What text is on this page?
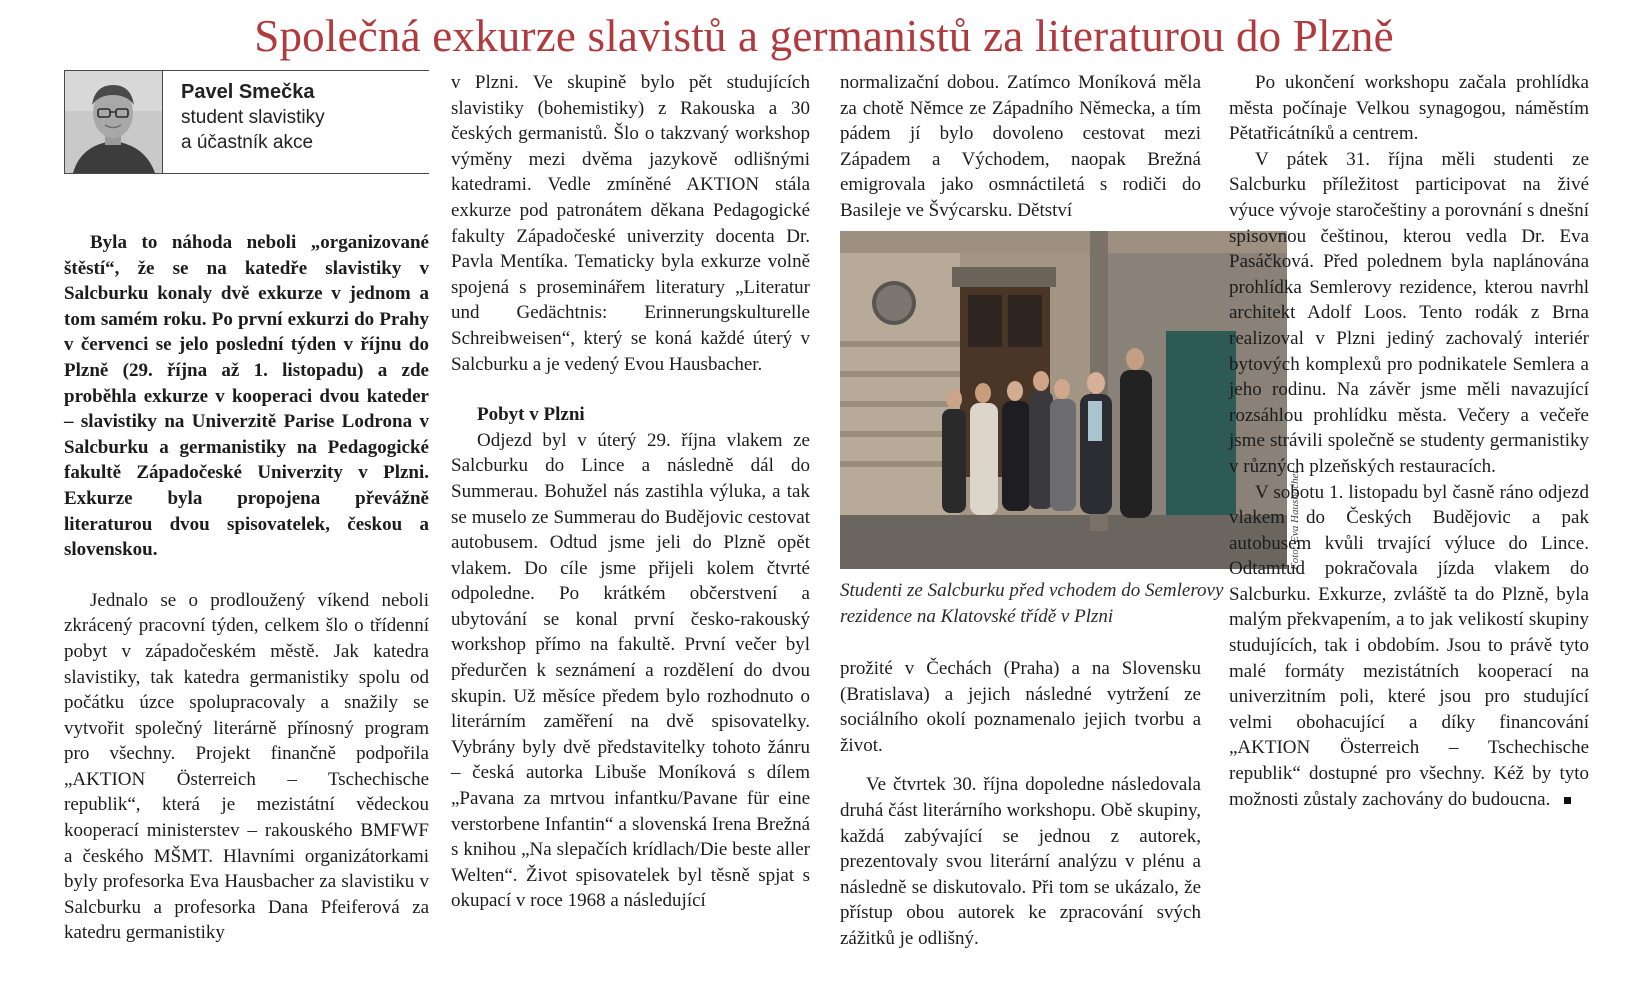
Společná exkurze slavistů a germanistů za literaturou do Plzně
Pavel Smečka
student slavistiky
a účastník akce

Byla to náhoda neboli „organizované štěstí“, že se na katedře slavistiky v Salcburku konaly dvě exkurze v jednom a tom samém roku. Po první exkurzi do Prahy v červenci se jelo poslední týden v říjnu do Plzně (29. října až 1. listopadu) a zde proběhla exkurze v kooperaci dvou kateder – slavistiky na Univerzitě Parise Lodrona v Salcburku a germanistiky na Pedagogické fakultě Západočeské Univerzity v Plzni. Exkurze byla propojena převážně literaturou dvou spisovatelek, českou a slovenskou.

Jednalo se o prodloužený víkend neboli zkrácený pracovní týden, celkem šlo o třídenní pobyt v západočeském městě. Jak katedra slavistiky, tak katedra germanistiky spolu od počátku úzce spolupracovaly a snažily se vytvořit společný literárně přínosný program pro všechny. Projekt finančně podpořila „AKTION Österreich – Tschechische republik“, která je mezistátní vědeckou kooperací ministerstev – rakouského BMFWF a českého MŠMT. Hlavními organizátorkami byly profesorka Eva Hausbacher za slavistiku v Salcburku a profesorka Dana Pfeiferová za katedru germanistiky

v Plzni. Ve skupině bylo pět studujících slavistiky (bohemistiky) z Rakouska a 30 českých germanistů. Šlo o takzvaný workshop výměny mezi dvěma jazykově odlišnými katedrami. Vedle zmíněné AKTION stála exkurze pod patronátem děkana Pedagogické fakulty Západočeské univerzity docenta Dr. Pavla Mentíka. Tematicky byla exkurze volně spojená s proseminářem literatury „Literatur und Gedächtnis: Erinnerungskulturelle Schreibweisen“, který se koná každé úterý v Salcburku a je vedený Evou Hausbacher.

Pobyt v Plzni

Odjezd byl v úterý 29. října vlakem ze Salcburku do Lince a následně dál do Summerau. Bohužel nás zastihla výluka, a tak se muselo ze Summerau do Budějovic cestovat autobusem. Odtud jsme jeli do Plzně opět vlakem. Do cíle jsme přijeli kolem čtvrté odpoledne. Po krátkém občerstvení a ubytování se konal první česko-rakouský workshop přímo na fakultě. První večer byl předurčen k seznámení a rozdělení do dvou skupin. Už měsíce předem bylo rozhodnuto o literárním zaměření na dvě spisovatelky. Vybrány byly dvě představitelky tohoto žánru – česká autorka Libuše Moníková s dílem „Pavana za mrtvou infantku/Pavane für eine verstorbene Infantin“ a slovenská Irena Brežná s knihou „Na slepačích krídlach/Die beste aller Welten“. Život spisovatelek byl těsně spjat s okupací v roce 1968 a následující

normalizační dobou. Zatímco Moníková měla za chotě Němce ze Západního Německa, a tím pádem jí bylo dovoleno cestovat mezi Západem a Východem, naopak Brežná emigrovala jako osmnáctiletá s rodiči do Basileje ve Švýcarsku. Dětství

Foto: Eva Hausbacher
Studenti ze Salcburku před vchodem do Semlerovy rezidence na Klatovské třídě v Plzni

prožité v Čechách (Praha) a na Slovensku (Bratislava) a jejich následné vytržení ze sociálního okolí poznamenalo jejich tvorbu a život.

Ve čtvrtek 30. října dopoledne následovala druhá část literárního workshopu. Obě skupiny, každá zabývající se jednou z autorek, prezentovaly svou literární analýzu v plénu a následně se diskutovalo. Při tom se ukázalo, že přístup obou autorek ke zpracování svých zážitků je odlišný.

Po ukončení workshopu začala prohlídka města počínaje Velkou synagogou, náměstím Pětatřicátníků a centrem.

V pátek 31. října měli studenti ze Salcburku příležitost participovat na živé výuce vývoje staročeštiny a porovnání s dnešní spisovnou češtinou, kterou vedla Dr. Eva Pasáčková. Před polednem byla naplánována prohlídka Semlerovy rezidence, kterou navrhl architekt Adolf Loos. Tento rodák z Brna realizoval v Plzni jediný zachovalý interiér bytových komplexů pro podnikatele Semlera a jeho rodinu. Na závěr jsme měli navazující rozsáhlou prohlídku města. Večery a večeře jsme strávili společně se studenty germanistiky v různých plzeňských restauracích.

V sobotu 1. listopadu byl časně ráno odjezd vlakem do Českých Budějovic a pak autobusem kvůli trvající výluce do Lince. Odtamtud pokračovala jízda vlakem do Salcburku. Exkurze, zvláště ta do Plzně, byla malým překvapením, a to jak velikostí skupiny studujících, tak i obdobím. Jsou to právě tyto malé formáty mezistátních kooperací na univerzitním poli, které jsou pro studující velmi obohacující a díky financování „AKTION Österreich – Tschechische republik“ dostupné pro všechny. Kéž by tyto možnosti zůstaly zachovány do budoucna.
